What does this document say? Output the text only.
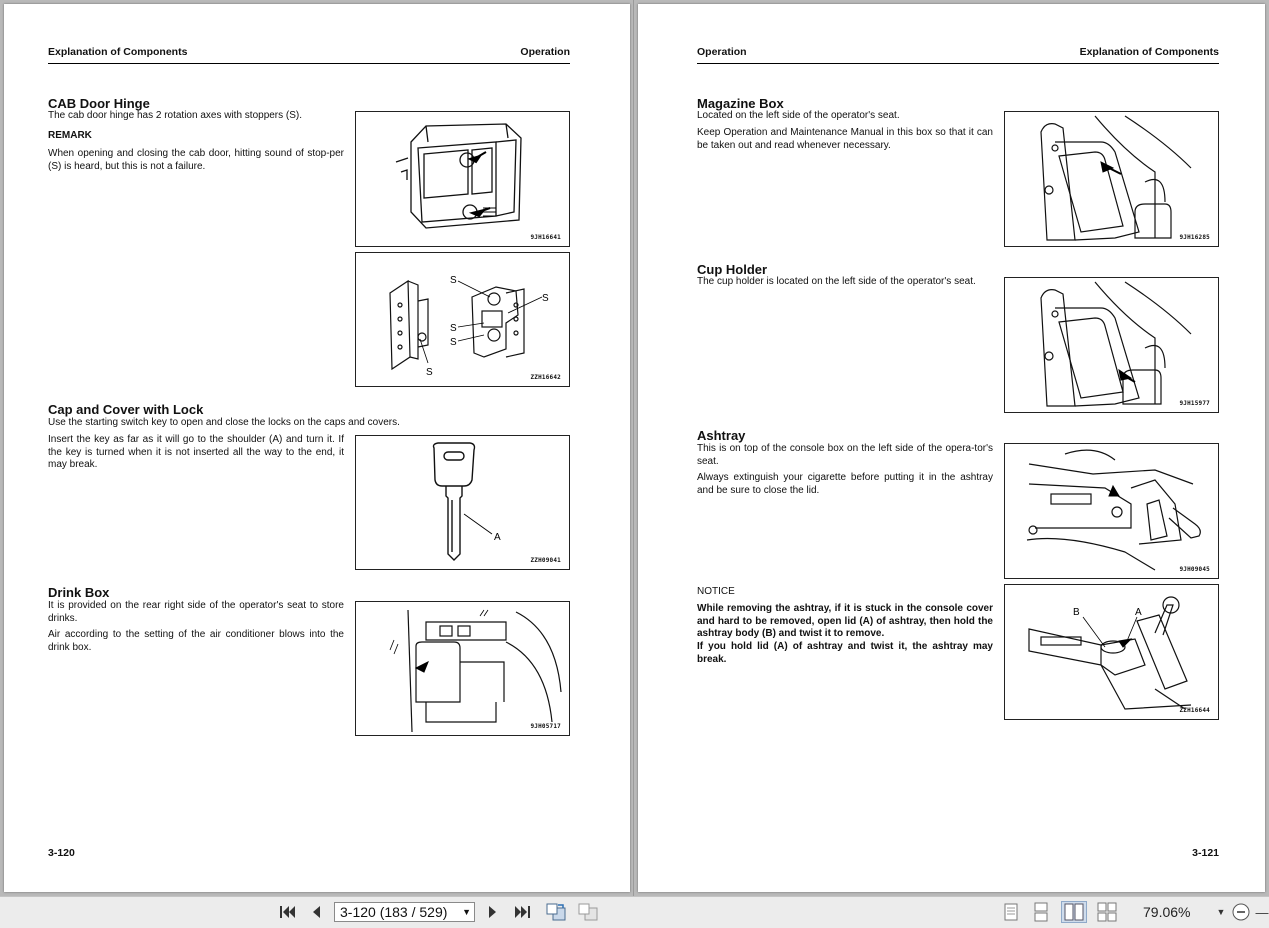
Explanation of Components	Operation
CAB Door Hinge
The cab door hinge has 2 rotation axes with stoppers (S).
REMARK
When opening and closing the cab door, hitting sound of stop-per (S) is heard, but this is not a failure.
9JH16641
S
S
S
S
S	ZZH16642
Cap and Cover with Lock
Use the starting switch key to open and close the locks on the caps and covers.
Insert the key as far as it will go to the shoulder (A) and turn it. If the key is turned when it is not inserted all the way to the end, it may break.
A
ZZH09041
Drink Box
It is provided on the rear right side of the operator's seat to store drinks.
Air according to the setting of the air conditioner blows into the drink box.
9JH05717
3-120
Operation	Explanation of Components
Magazine Box
Located on the left side of the operator's seat.
Keep Operation and Maintenance Manual in this box so that it can be taken out and read whenever necessary.
9JH16285
Cup Holder
The cup holder is located on the left side of the operator's seat.
9JH15977
Ashtray
This is on top of the console box on the left side of the opera-tor's seat.
Always extinguish your cigarette before putting it in the ashtray and be sure to close the lid.
9JH09045
NOTICE
While removing the ashtray, if it is stuck in the console cover and hard to be removed, open lid (A) of ashtray, then hold the ashtray body (B) and twist it to remove.
If you hold lid (A) of ashtray and twist it, the ashtray may break.
B	A
ZZH16644
3-121
3-120 (183 / 529) ▼	79.06%	▼ —
